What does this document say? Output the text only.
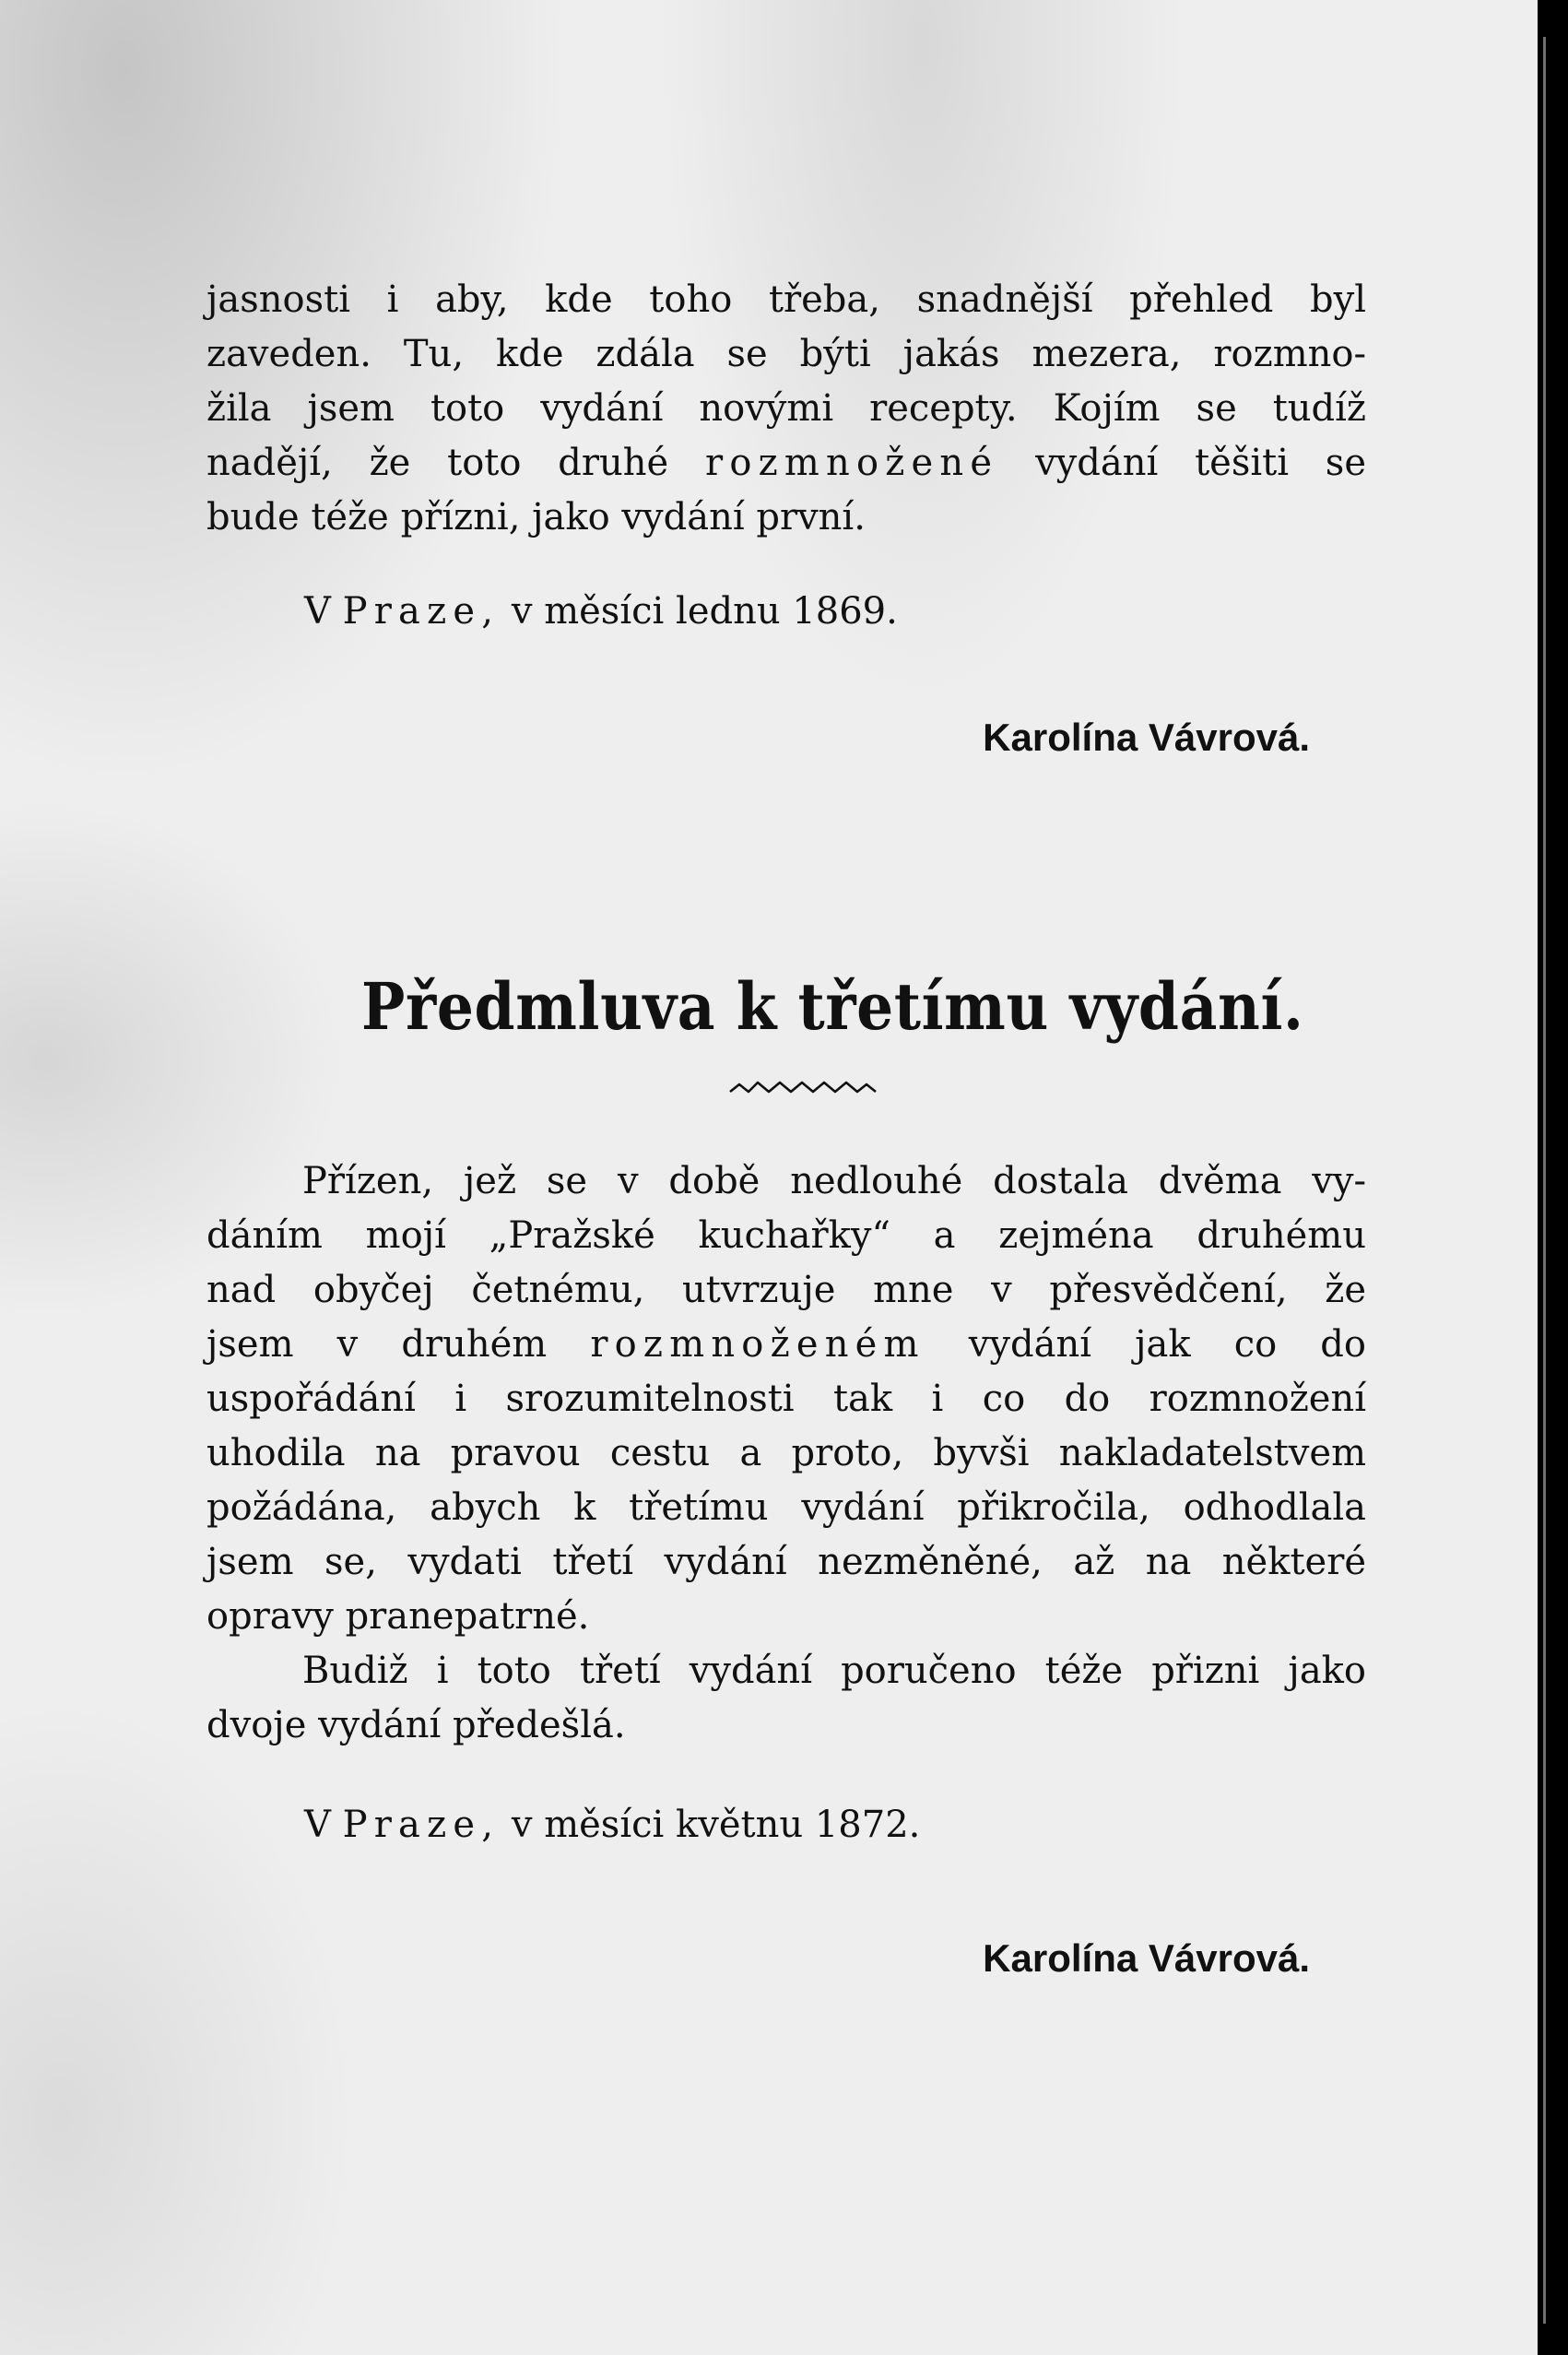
jasnosti i aby, kde toho třeba, snadnější přehled byl
zaveden. Tu, kde zdála se býti jakás mezera, rozmno-
žila jsem toto vydání novými recepty. Kojím se tudíž
nadějí, že toto druhé rozmnožené vydání těšiti se
bude téže přízni, jako vydání první.
V Praze, v měsíci lednu 1869.
Karolína Vávrová.
Předmluva k třetímu vydání.
Přízen, jež se v době nedlouhé dostala dvěma vy-
dáním mojí „Pražské kuchařky“ a zejména druhému
nad obyčej četnému, utvrzuje mne v přesvědčení, že
jsem v druhém rozmnoženém vydání jak co do
uspořádání i srozumitelnosti tak i co do rozmnožení
uhodila na pravou cestu a proto, byvši nakladatelstvem
požádána, abych k třetímu vydání přikročila, odhodlala
jsem se, vydati třetí vydání nezměněné, až na některé
opravy pranepatrné.
Budiž i toto třetí vydání poručeno téže přizni jako
dvoje vydání předešlá.
V Praze, v měsíci květnu 1872.
Karolína Vávrová.
